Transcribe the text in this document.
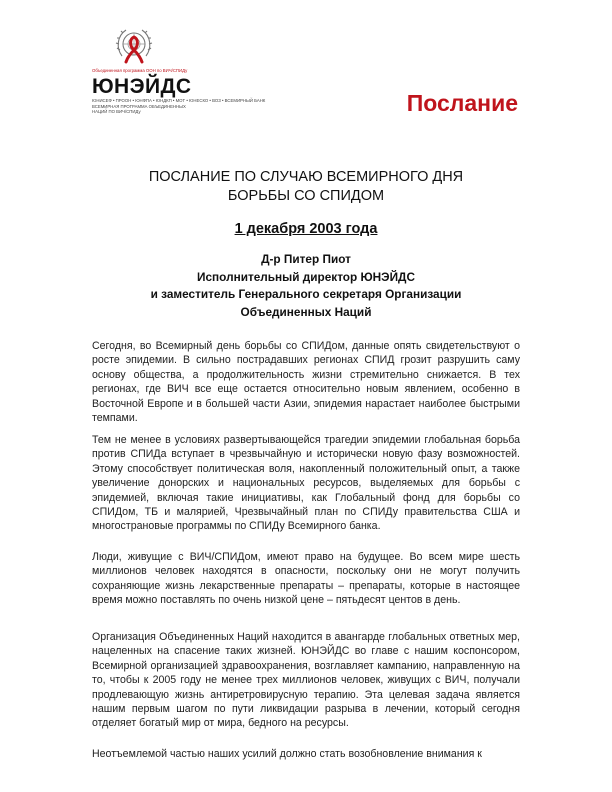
Объединенная программа ООН по ВИЧ/СПИДу
ЮНЭЙДС
ЮНИСЕФ • ПРООН • ЮНФПА • ЮНДКП • МОТ • ЮНЕСКО • ВОЗ • ВСЕМИРНЫЙ БАНК
ВСЕМИРНАЯ ПРОГРАММА ОБЪЕДИНЕННЫХ
НАЦИЙ ПО ВИЧ/СПИДу	Послание
ПОСЛАНИЕ ПО СЛУЧАЮ ВСЕМИРНОГО ДНЯ
БОРЬБЫ СО СПИДОМ
1 декабря 2003 года
Д-р Питер Пиот
Исполнительный директор ЮНЭЙДС
и заместитель Генерального секретаря Организации
Объединенных Наций

Сегодня, во Всемирный день борьбы со СПИДом, данные опять свидетельствуют о росте эпидемии. В сильно пострадавших регионах СПИД грозит разрушить саму основу общества, а продолжительность жизни стремительно снижается. В тех регионах, где ВИЧ все еще остается относительно новым явлением, особенно в Восточной Европе и в большей части Азии, эпидемия нарастает наиболее быстрыми темпами.

Тем не менее в условиях развертывающейся трагедии эпидемии глобальная борьба против СПИДа вступает в чрезвычайную и исторически новую фазу возможностей. Этому способствует политическая воля, накопленный положительный опыт, а также увеличение донорских и национальных ресурсов, выделяемых для борьбы с эпидемией, включая такие инициативы, как Глобальный фонд для борьбы со СПИДом, ТБ и малярией, Чрезвычайный план по СПИДу правительства США и многострановые программы по СПИДу Всемирного банка.

Люди, живущие с ВИЧ/СПИДом, имеют право на будущее. Во всем мире шесть миллионов человек находятся в опасности, поскольку они не могут получить сохраняющие жизнь лекарственные препараты – препараты, которые в настоящее время можно поставлять по очень низкой цене – пятьдесят центов в день.

Организация Объединенных Наций находится в авангарде глобальных ответных мер, нацеленных на спасение таких жизней. ЮНЭЙДС во главе с нашим коспонсором, Всемирной организацией здравоохранения, возглавляет кампанию, направленную на то, чтобы к 2005 году не менее трех миллионов человек, живущих с ВИЧ, получали продлевающую жизнь антиретровирусную терапию. Эта целевая задача является нашим первым шагом по пути ликвидации разрыва в лечении, который сегодня отделяет богатый мир от мира, бедного на ресурсы.

Неотъемлемой частью наших усилий должно стать возобновление внимания к
